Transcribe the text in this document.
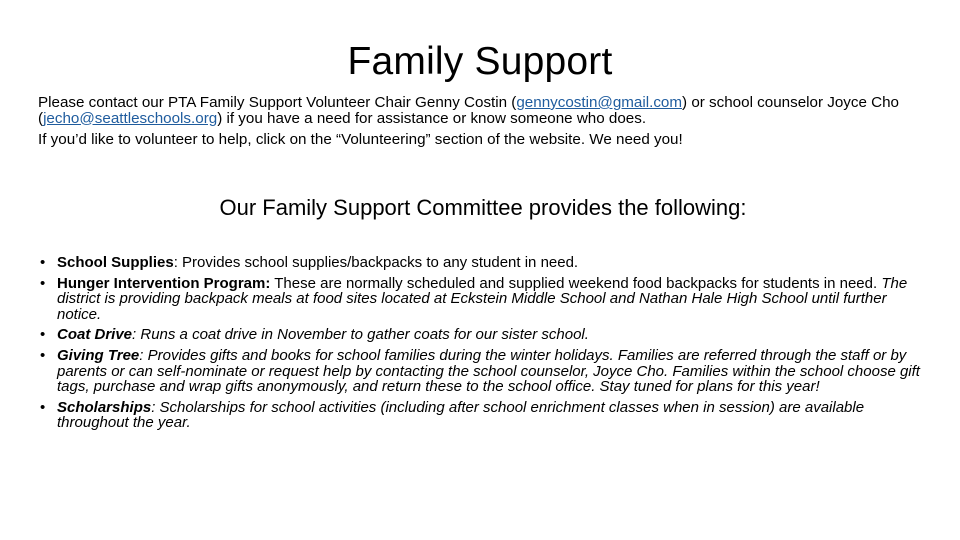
Family Support

Please contact our PTA Family Support Volunteer Chair Genny Costin (gennycostin@gmail.com) or school counselor Joyce Cho (jecho@seattleschools.org) if you have a need for assistance or know someone who does.

If you’d like to volunteer to help, click on the “Volunteering” section of the website. We need you!

Our Family Support Committee provides the following:
• School Supplies: Provides school supplies/backpacks to any student in need.
• Hunger Intervention Program: These are normally scheduled and supplied weekend food backpacks for students in need. The district is providing backpack meals at food sites located at Eckstein Middle School and Nathan Hale High School until further notice.
• Coat Drive: Runs a coat drive in November to gather coats for our sister school.
• Giving Tree: Provides gifts and books for school families during the winter holidays. Families are referred through the staff or by parents or can self-nominate or request help by contacting the school counselor, Joyce Cho. Families within the school choose gift tags, purchase and wrap gifts anonymously, and return these to the school office. Stay tuned for plans for this year!
• Scholarships: Scholarships for school activities (including after school enrichment classes when in session) are available throughout the year.
